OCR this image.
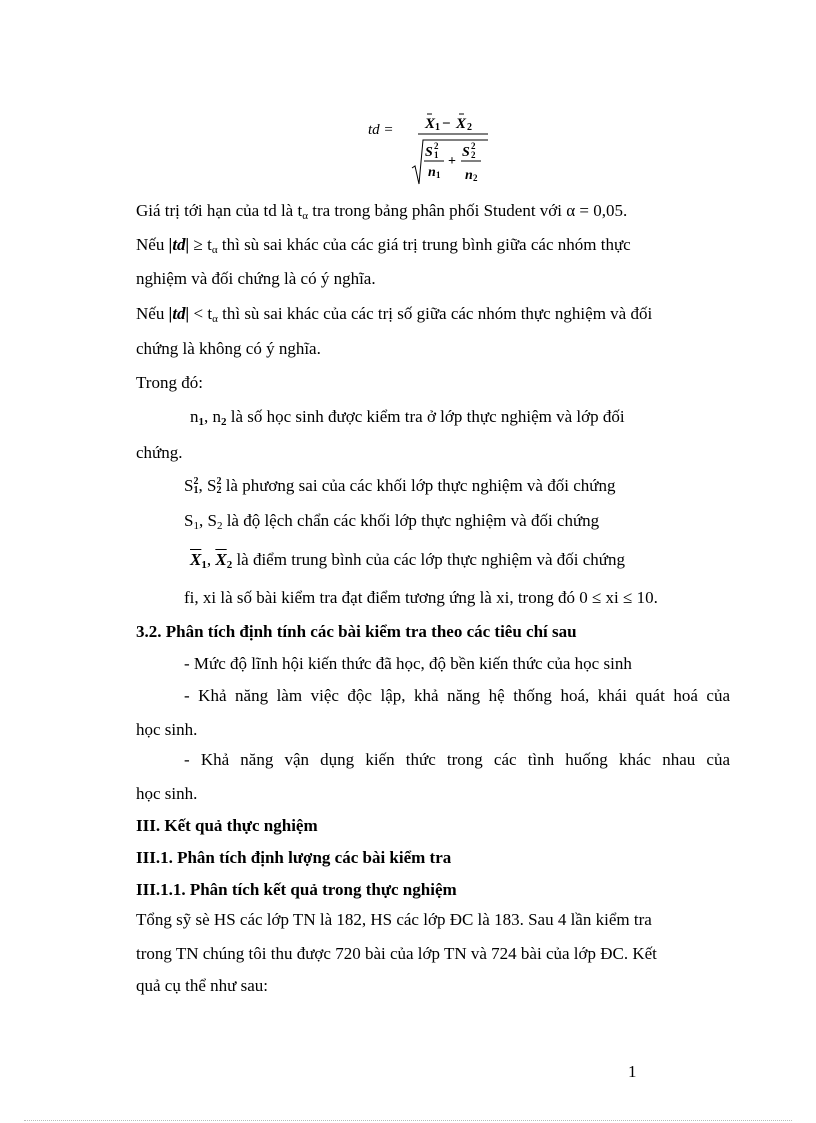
td = X 1 − X 2
S 1
2
n 1
+
S 2
2
n 2
Giá trị tới hạn của td là $t_\alpha$ tra trong bảng phân phối Student với α = 0,05.
Nếu $|td| \ge t_\alpha$ thì sù sai khác của các giá trị trung bình giữa các nhóm thực
nghiệm và đối chứng là có ý nghĩa.
Nếu $|td| < t_\alpha$ thì sù sai khác của các trị số giữa các nhóm thực nghiệm và đối
chứng là không có ý nghĩa.
Trong đó:
$n_1$, $n_2$ là số học sinh được kiểm tra ở lớp thực nghiệm và lớp đối
chứng.
S2
1, S2
2 là phương sai của các khối lớp thực nghiệm và đối chứng
$S_1$, $S_2$ là độ lệch chẩn các khối lớp thực nghiệm và đối chứng
$\overline{X}_1$, $\overline{X}_2$ là điểm trung bình của các lớp thực nghiệm và đối chứng
fi, xi là số bài kiểm tra đạt điểm tương ứng là xi, trong đó 0 ≤ xi ≤ 10.
3.2. Phân tích định tính các bài kiểm tra theo các tiêu chí sau
- Mức độ lĩnh hội kiến thức đã học, độ bền kiến thức của học sinh
- Khả năng làm việc độc lập, khả năng hệ thống hoá, khái quát hoá của
học sinh.
- Khả năng vận dụng kiến thức trong các tình huống khác nhau của
học sinh.
III. Kết quả thực nghiệm
III.1. Phân tích định lượng các bài kiểm tra
III.1.1. Phân tích kết quả trong thực nghiệm
Tổng sỹ sè HS các lớp TN là 182, HS các lớp ĐC là 183. Sau 4 lần kiểm tra
trong TN chúng tôi thu được 720 bài của lớp TN và 724 bài của lớp ĐC. Kết
quả cụ thể như sau:
1
